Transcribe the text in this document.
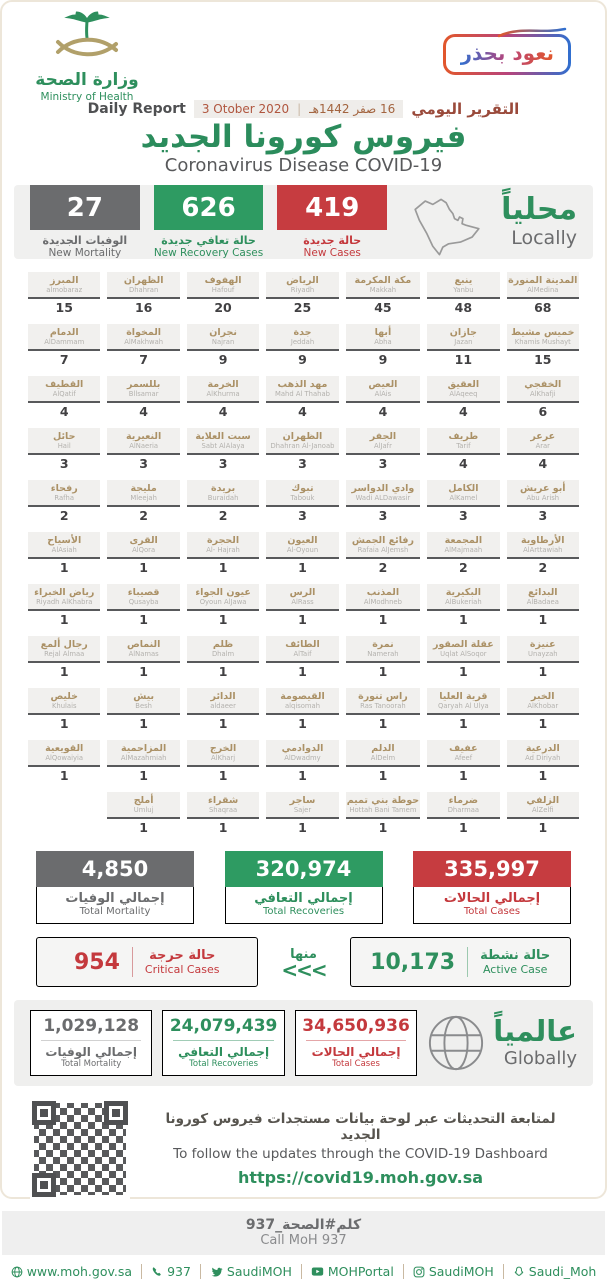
وزارة الصحة
Ministry of Health
نعود بحذر
Daily Report 3 Otober 2020 | 16 صفر 1442هـ التقرير اليومي
فيروس كورونا الجديد
Coronavirus Disease COVID-19
27
الوفيات الجديدة
New Mortality
626
حالة تعافي جديدة
New Recovery Cases
419
حالة جديدة
New Cases
محلياً
Locally
المدينة المنورة
AlMedina
68
ينبع
Yanbu
48
مكة المكرمة
Makkah
45
الرياض
Riyadh
25
الهفوف
Hafouf
20
الظهران
Dhahran
16
المبرز
almobaraz
15
خميس مشيط
Khamis Mushayt
15
جازان
Jazan
11
أبها
Abha
9
جدة
Jeddah
9
نجران
Najran
9
المخواة
AlMakhwah
7
الدمام
AlDammam
7
الخفجي
AlKhafji
6
العقيق
AlAqeeq
4
العيص
AlAis
4
مهد الذهب
Mahd Al Thahab
4
الخرمة
AlKhurma
4
بللسمر
Bllsamar
4
القطيف
AlQatif
4
عرعر
Arar
4
طريف
Tarif
4
الجفر
AlJafr
3
الظهران
Dhahran Al-Janoab
3
سبت العلاية
Sabt AlAlaya
3
النعيرية
AlNaeria
3
حائل
Hail
3
أبو عريش
Abu Arish
3
الكامل
AlKamel
3
وادي الدواسر
Wadi ALDawasir
3
تبوك
Tabouk
3
بريدة
Buraidah
2
مليجة
Mleejah
2
رفحاء
Rafha
2
الأرطاوية
AlArttawiah
2
المجمعة
AlMajmaah
2
رفائع الجمش
Rafaia AlJemsh
2
العيون
Al-Oyoun
1
الحجرة
Al- Hajrah
1
القرى
AlQora
1
الأسياح
AlAsiah
1
البدائع
AlBadaea
1
البكيرية
AlBukeriah
1
المذنب
AlModhneb
1
الرس
AlRass
1
عيون الجواء
Oyoun AlJawa
1
قصيباء
Qusayba
1
رياض الخبراء
Riyadh AlKhabra
1
عنيزة
Unayzah
1
عقلة الصقور
Uqlat AlSoqor
1
نمرة
Namerah
1
الطائف
AlTaif
1
ظلم
Dhalm
1
النماص
AlNamas
1
رجال ألمع
Rejal Almaa
1
الخبر
AlKhobar
1
قرية العليا
Qaryah Al Ulya
1
راس تنورة
Ras Tanoorah
1
القيصومة
alqisomah
1
الدائر
aldaeer
1
بيش
Besh
1
خليص
Khulais
1
الدرعية
Ad Diriyah
1
عفيف
Afeef
1
الدلم
AlDelm
1
الدوادمي
AlDwadmy
1
الخرج
AlKharj
1
المزاحمية
AlMazahmiah
1
القويعية
AlQowaiyia
1
الزلفي
AlZelfi
1
ضرماء
Dharmaa
1
حوطة بني تميم
Hottah Bani Tamem
1
ساجر
Sajer
1
شقراء
Shaqraa
1
أملج
Umluj
1
4,850
إجمالي الوفيات
Total Mortality
320,974
إجمالي التعافي
Total Recoveries
335,997
إجمالي الحالات
Total Cases
954	حالة حرجة
Critical Cases
منها
<<<	10,173 حالة نشطة
Active Case
1,029,128
إجمالي الوفيات
Total Mortality
24,079,439
إجمالي التعافي
Total Recoveries
34,650,936
إجمالي الحالات
Total Cases
عالمياً
Globally
لمتابعة التحديثات عبر لوحة بيانات مستجدات فيروس كورونا الجديد
To follow the updates through the COVID-19 Dashboard
https://covid19.moh.gov.sa
كلم#الصحة_937
Call MoH 937
www.moh.gov.sa	937	SaudiMOH	MOHPortal	SaudiMOH	Saudi_Moh
